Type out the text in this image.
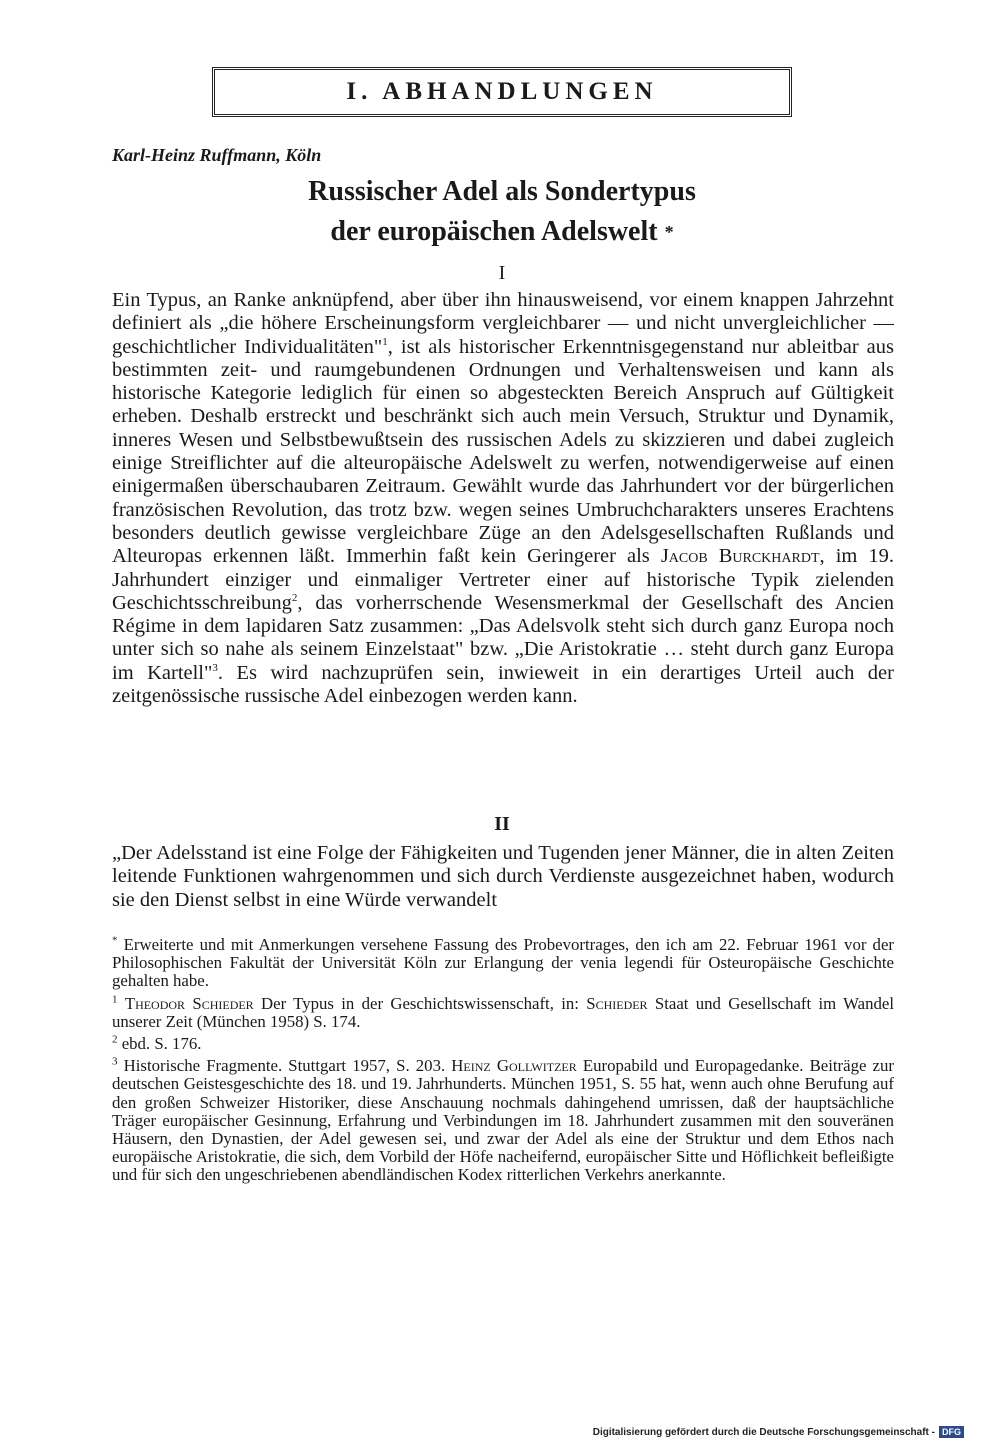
I. ABHANDLUNGEN
Karl-Heinz Ruffmann, Köln
Russischer Adel als Sondertypus
der europäischen Adelswelt *
I
Ein Typus, an Ranke anknüpfend, aber über ihn hinausweisend, vor einem knappen Jahrzehnt definiert als „die höhere Erscheinungsform vergleichbarer — und nicht unvergleichlicher — geschichtlicher Individualitäten"$^1$, ist als historischer Erkenntnisgegenstand nur ableitbar aus bestimmten zeit- und raumgebundenen Ordnungen und Verhaltensweisen und kann als historische Kategorie lediglich für einen so abgesteckten Bereich Anspruch auf Gültigkeit erheben. Deshalb erstreckt und beschränkt sich auch mein Versuch, Struktur und Dynamik, inneres Wesen und Selbstbewußtsein des russischen Adels zu skizzieren und dabei zugleich einige Streiflichter auf die alteuropäische Adelswelt zu werfen, notwendigerweise auf einen einigermaßen überschaubaren Zeitraum. Gewählt wurde das Jahrhundert vor der bürgerlichen französischen Revolution, das trotz bzw. wegen seines Umbruchcharakters unseres Erachtens besonders deutlich gewisse vergleichbare Züge an den Adelsgesellschaften Rußlands und Alteuropas erkennen läßt. Immerhin faßt kein Geringerer als Jacob Burckhardt, im 19. Jahrhundert einziger und einmaliger Vertreter einer auf historische Typik zielenden Geschichtsschreibung$^2$, das vorherrschende Wesensmerkmal der Gesellschaft des Ancien Régime in dem lapidaren Satz zusammen: „Das Adelsvolk steht sich durch ganz Europa noch unter sich so nahe als seinem Einzelstaat" bzw. „Die Aristokratie … steht durch ganz Europa im Kartell"$^3$. Es wird nachzuprüfen sein, inwieweit in ein derartiges Urteil auch der zeitgenössische russische Adel einbezogen werden kann.
II
„Der Adelsstand ist eine Folge der Fähigkeiten und Tugenden jener Männer, die in alten Zeiten leitende Funktionen wahrgenommen und sich durch Verdienste ausgezeichnet haben, wodurch sie den Dienst selbst in eine Würde verwandelt

* Erweiterte und mit Anmerkungen versehene Fassung des Probevortrages, den ich am 22. Februar 1961 vor der Philosophischen Fakultät der Universität Köln zur Erlangung der venia legendi für Osteuropäische Geschichte gehalten habe.

$^1$ Theodor Schieder Der Typus in der Geschichtswissenschaft, in: Schieder Staat und Gesellschaft im Wandel unserer Zeit (München 1958) S. 174.

$^2$ ebd. S. 176.

$^3$ Historische Fragmente. Stuttgart 1957, S. 203. Heinz Gollwitzer Europabild und Europagedanke. Beiträge zur deutschen Geistesgeschichte des 18. und 19. Jahrhunderts. München 1951, S. 55 hat, wenn auch ohne Berufung auf den großen Schweizer Historiker, diese Anschauung nochmals dahingehend umrissen, daß der hauptsächliche Träger europäischer Gesinnung, Erfahrung und Verbindungen im 18. Jahrhundert zusammen mit den souveränen Häusern, den Dynastien, der Adel gewesen sei, und zwar der Adel als eine der Struktur und dem Ethos nach europäische Aristokratie, die sich, dem Vorbild der Höfe nacheifernd, europäischer Sitte und Höflichkeit befleißigte und für sich den ungeschriebenen abendländischen Kodex ritterlichen Verkehrs anerkannte.

Digitalisierung gefördert durch die Deutsche Forschungsgemeinschaft - DFG
